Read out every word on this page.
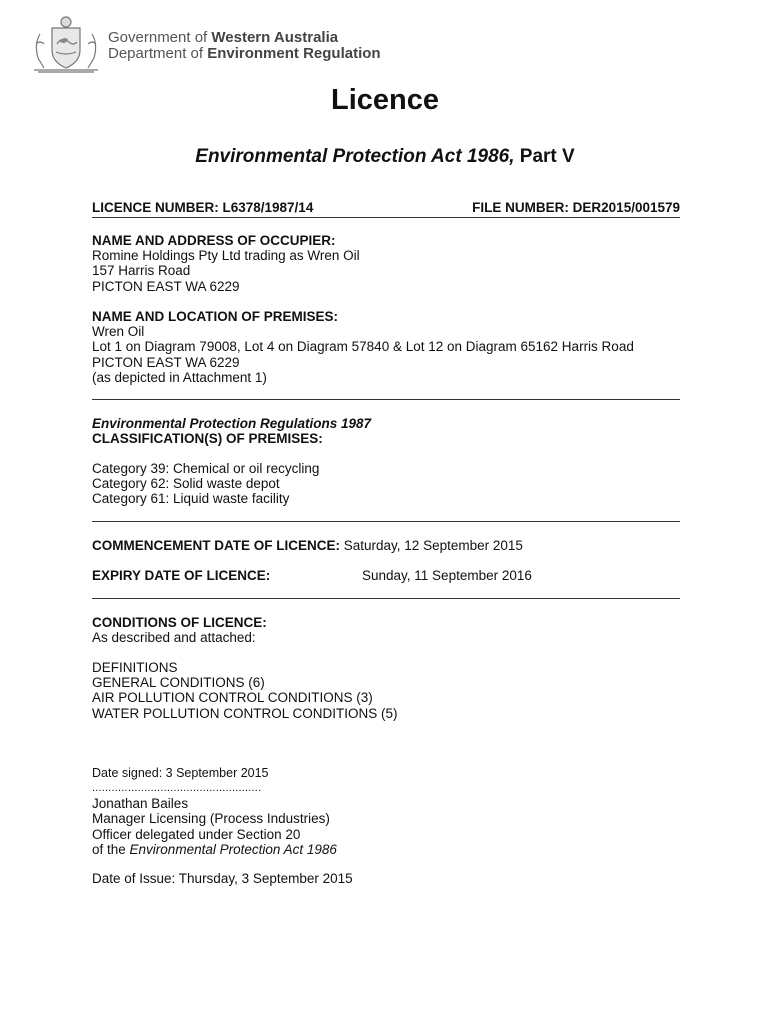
Government of Western Australia
Department of Environment Regulation
Licence
Environmental Protection Act 1986, Part V
LICENCE NUMBER: L6378/1987/14	FILE NUMBER: DER2015/001579
NAME AND ADDRESS OF OCCUPIER:
Romine Holdings Pty Ltd trading as Wren Oil
157 Harris Road
PICTON EAST WA 6229
NAME AND LOCATION OF PREMISES:
Wren Oil
Lot 1 on Diagram 79008, Lot 4 on Diagram 57840 & Lot 12 on Diagram 65162 Harris Road
PICTON EAST WA 6229
(as depicted in Attachment 1)
Environmental Protection Regulations 1987
CLASSIFICATION(S) OF PREMISES:
Category 39: Chemical or oil recycling
Category 62: Solid waste depot
Category 61: Liquid waste facility
COMMENCEMENT DATE OF LICENCE: Saturday, 12 September 2015
EXPIRY DATE OF LICENCE:	Sunday, 11 September 2016
CONDITIONS OF LICENCE:
As described and attached:
DEFINITIONS
GENERAL CONDITIONS (6)
AIR POLLUTION CONTROL CONDITIONS (3)
WATER POLLUTION CONTROL CONDITIONS (5)
Date signed: 3 September 2015
....................................................
Jonathan Bailes
Manager Licensing (Process Industries)
Officer delegated under Section 20
of the Environmental Protection Act 1986
Date of Issue: Thursday, 3 September 2015
